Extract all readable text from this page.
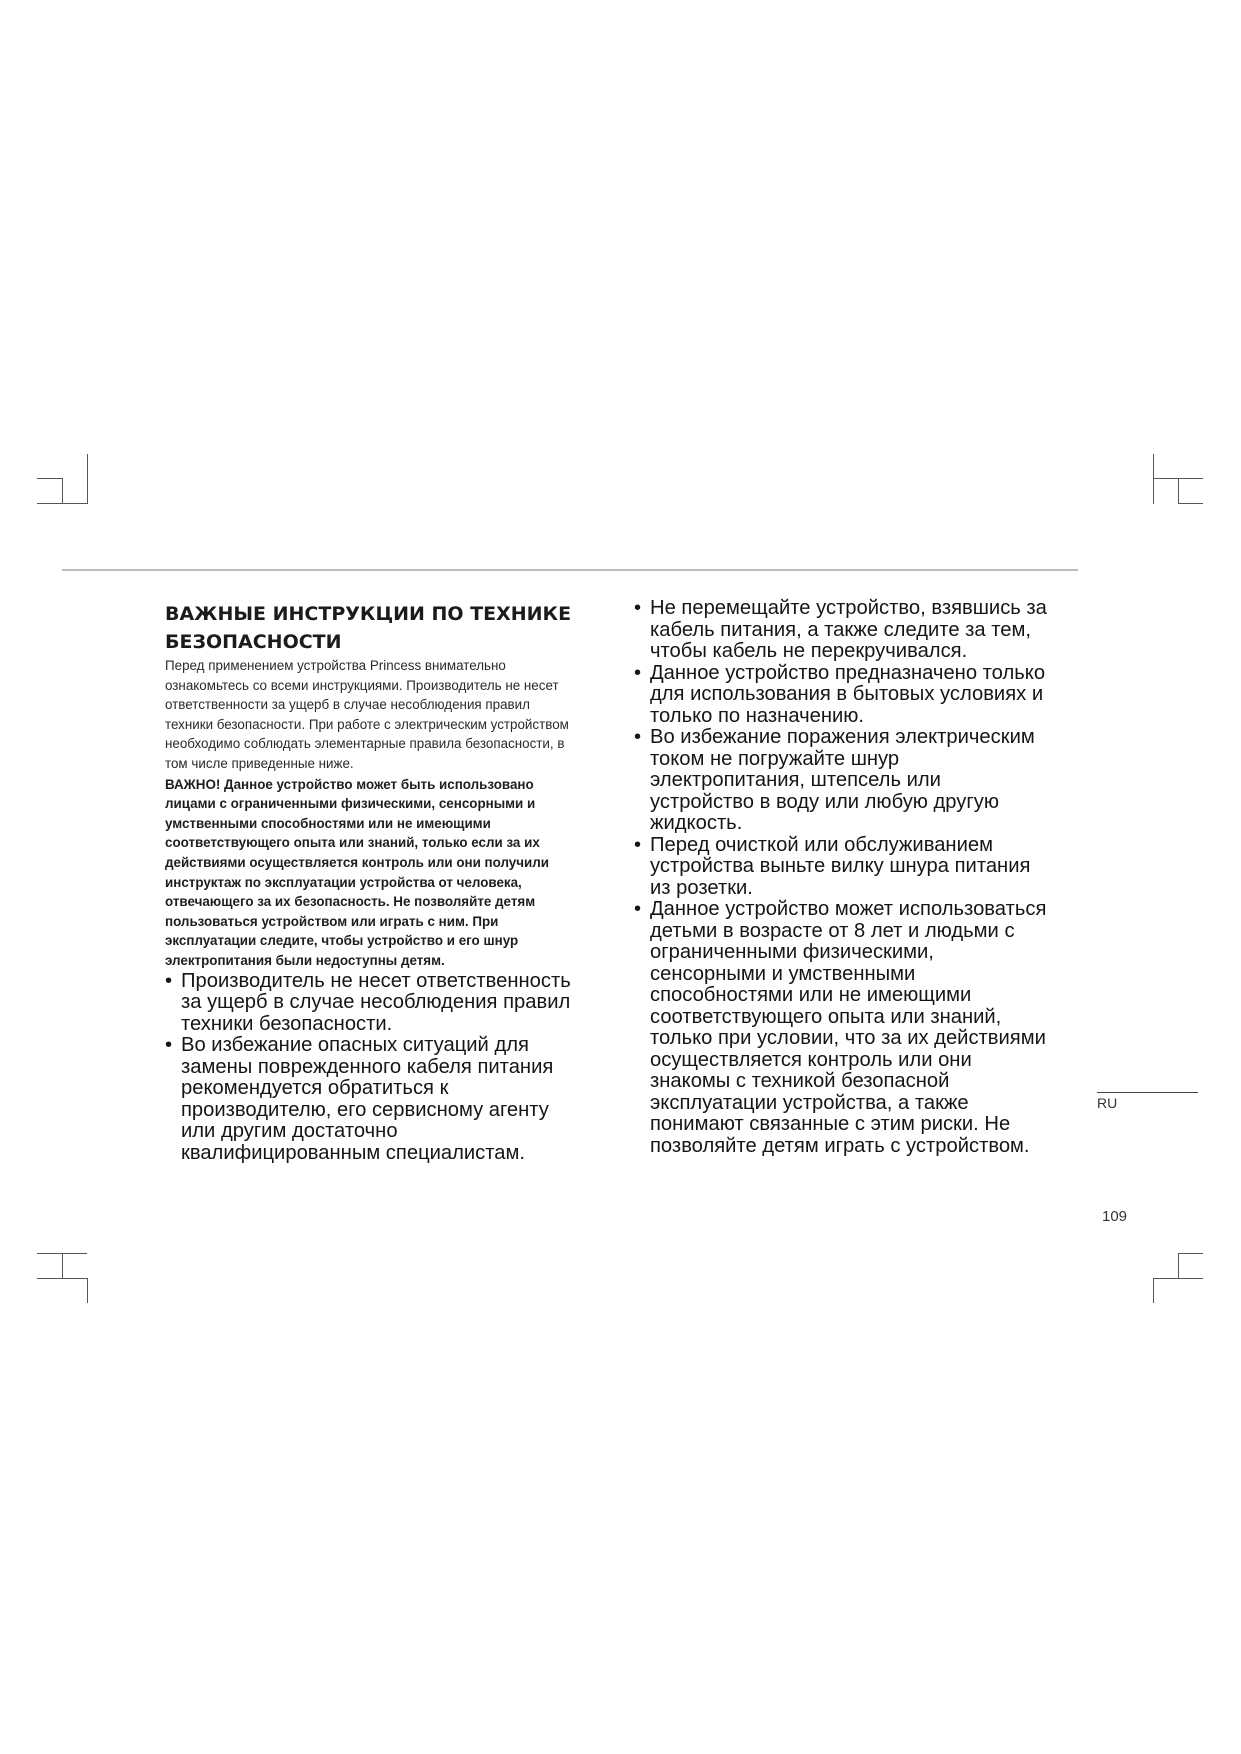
ВАЖНЫЕ ИНСТРУКЦИИ ПО ТЕХНИКЕ
БЕЗОПАСНОСТИ

Перед применением устройства Princess внимательно
ознакомьтесь со всеми инструкциями. Производитель не несет
ответственности за ущерб в случае несоблюдения правил
техники безопасности. При работе с электрическим устройством
необходимо соблюдать элементарные правила безопасности, в
том числе приведенные ниже.

ВАЖНО! Данное устройство может быть использовано
лицами с ограниченными физическими, сенсорными и
умственными способностями или не имеющими
соответствующего опыта или знаний, только если за их
действиями осуществляется контроль или они получили
инструктаж по эксплуатации устройства от человека,
отвечающего за их безопасность. Не позволяйте детям
пользоваться устройством или играть с ним. При
эксплуатации следите, чтобы устройство и его шнур
электропитания были недоступны детям.

• Производитель не несет ответственность
за ущерб в случае несоблюдения правил
техники безопасности.
• Во избежание опасных ситуаций для
замены поврежденного кабеля питания
рекомендуется обратиться к
производителю, его сервисному агенту
или другим достаточно
квалифицированным специалистам.
• Не перемещайте устройство, взявшись за
кабель питания, а также следите за тем,
чтобы кабель не перекручивался.
• Данное устройство предназначено только
для использования в бытовых условиях и
только по назначению.
• Во избежание поражения электрическим
током не погружайте шнур
электропитания, штепсель или
устройство в воду или любую другую
жидкость.
• Перед очисткой или обслуживанием
устройства выньте вилку шнура питания
из розетки.
• Данное устройство может использоваться
детьми в возрасте от 8 лет и людьми с
ограниченными физическими,
сенсорными и умственными
способностями или не имеющими
соответствующего опыта или знаний,
только при условии, что за их действиями
осуществляется контроль или они
знакомы с техникой безопасной
эксплуатации устройства, а также
понимают связанные с этим риски. Не
позволяйте детям играть с устройством.
RU
109
